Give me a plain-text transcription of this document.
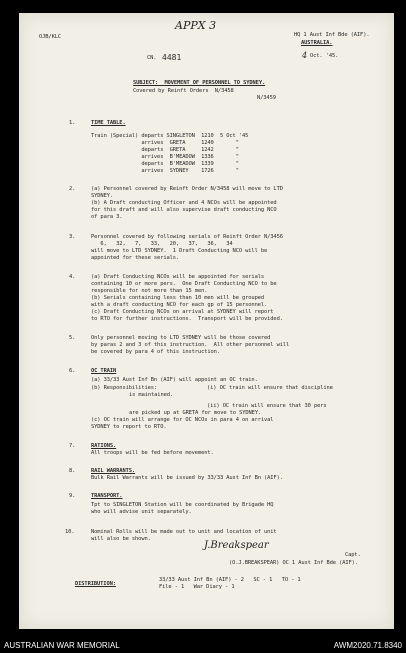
OJB/KLC
APPX 3
HQ 1 Aust Inf Bde (AIF).
AUSTRALIA.
4 Oct. '45.
CN. 4481
SUBJECT:  MOVEMENT OF PERSONNEL TO SYDNEY.
Covered by Reinft Orders  N/3458
N/3459
1.	TIME TABLE.
Train (Special) departs SINGLETON  1210  5 Oct '45
arrives  GRETA     1240       "
departs  GRETA     1242       "
arrives  B'MEADOW  1336       "
departs  B'MEADOW  1339       "
arrives  SYDNEY    1726       "
2.	(a) Personnel covered by Reinft Order N/3458 will move to LTD
SYDNEY.
(b) A Draft conducting Officer and 4 NCOs will be appointed
for this draft and will also supervise draft conducting NCO
of para 3.
3.	Personnel covered by following serials of Reinft Order N/3456
6,   32,   7,   33,   20,   37,   36,   34
will move to LTD SYDNEY.  1 Draft Conducting NCO will be
appointed for these serials.
4.	(a) Draft Conducting NCOs will be appointed for serials
containing 10 or more pers.  One Draft Conducting NCO to be
responsible for not more than 15 men.
(b) Serials containing less than 10 men will be grouped
with a draft conducting NCO for each gp of 15 personnel.
(c) Draft Conducting NCOs on arrival at SYDNEY will report
to RTO for further instructions.  Transport will be provided.
5.	Only personnel moving to LTD SYDNEY will be those covered
by paras 2 and 3 of this instruction.  All other personnel will
be covered by para 4 of this instruction.
6.	OC TRAIN
(a) 33/33 Aust Inf Bn (AIF) will appoint an OC train.
(b) Responsibilities:	(i) OC train will ensure that discipline
is maintained.
(ii) OC train will ensure that 30 pers
are picked up at GRETA for move to SYDNEY.
(c) OC train will arrange for OC NCOs in para 4 on arrival
SYDNEY to report to RTO.
7.	RATIONS.
All troops will be fed before movement.
8.	RAIL WARRANTS.
Bulk Rail Warrants will be issued by 33/33 Aust Inf Bn (AIF).
9.	TRANSPORT.
Tpt to SINGLETON Station will be coordinated by Brigade HQ
who will advise unit separately.
10.	Nominal Rolls will be made out to unit and location of unit
will also be shown.
J.Breakspear
Capt.
(O.J.BREAKSPEAR) OC 1 Aust Inf Bde (AIF).
DISTRIBUTION:
33/33 Aust Inf Bn (AIF) - 2   SC - 1   TO - 1
File - 1   War Diary - 1
AUSTRALIAN WAR MEMORIAL	AWM2020.71.8340
